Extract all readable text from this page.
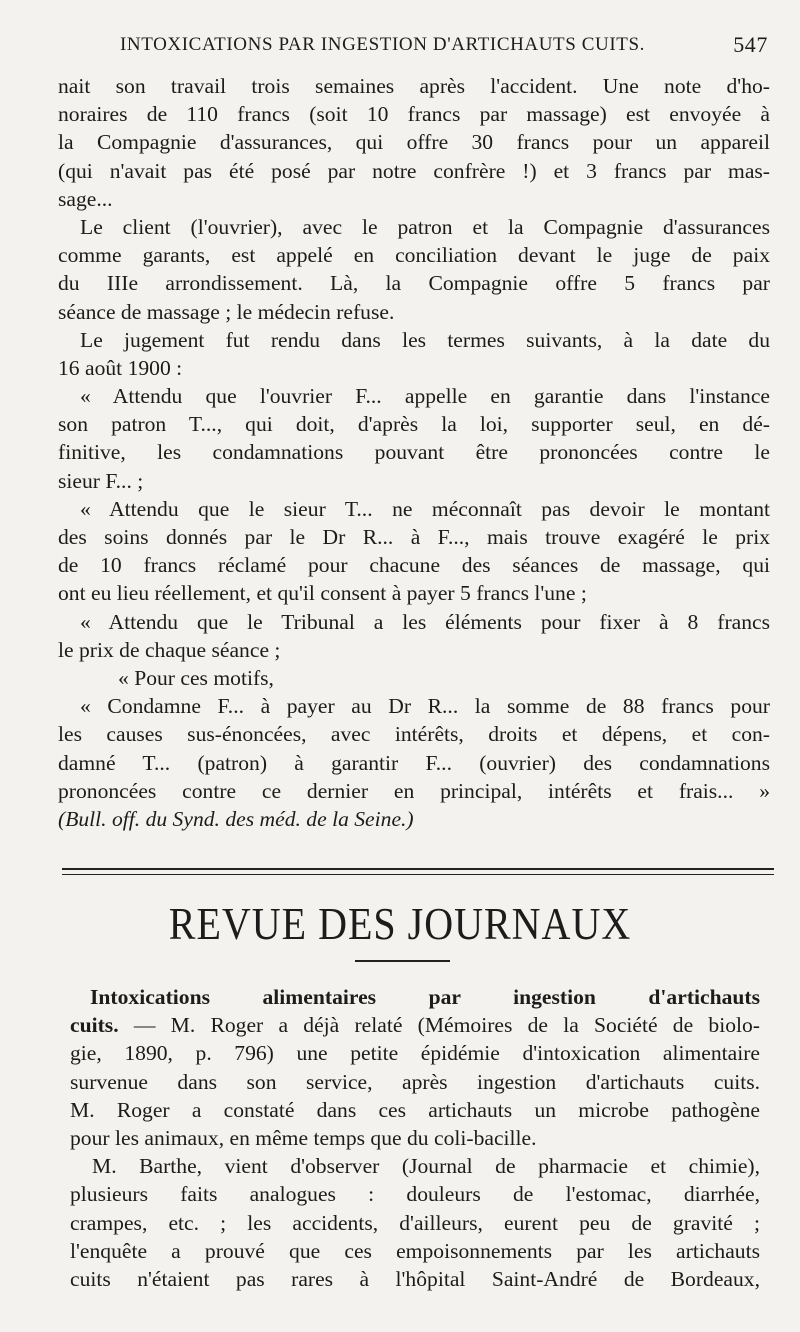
INTOXICATIONS PAR INGESTION D'ARTICHAUTS CUITS.	547
nait son travail trois semaines après l'accident. Une note d'ho-
noraires de 110 francs (soit 10 francs par massage) est envoyée à
la Compagnie d'assurances, qui offre 30 francs pour un appareil
(qui n'avait pas été posé par notre confrère !) et 3 francs par mas-
sage...
Le client (l'ouvrier), avec le patron et la Compagnie d'assurances
comme garants, est appelé en conciliation devant le juge de paix
du IIIe arrondissement. Là, la Compagnie offre 5 francs par
séance de massage ; le médecin refuse.
Le jugement fut rendu dans les termes suivants, à la date du
16 août 1900 :
« Attendu que l'ouvrier F... appelle en garantie dans l'instance
son patron T..., qui doit, d'après la loi, supporter seul, en dé-
finitive, les condamnations pouvant être prononcées contre le
sieur F... ;
« Attendu que le sieur T... ne méconnaît pas devoir le montant
des soins donnés par le Dr R... à F..., mais trouve exagéré le prix
de 10 francs réclamé pour chacune des séances de massage, qui
ont eu lieu réellement, et qu'il consent à payer 5 francs l'une ;
« Attendu que le Tribunal a les éléments pour fixer à 8 francs
le prix de chaque séance ;
« Pour ces motifs,
« Condamne F... à payer au Dr R... la somme de 88 francs pour
les causes sus-énoncées, avec intérêts, droits et dépens, et con-
damné T... (patron) à garantir F... (ouvrier) des condamnations
prononcées contre ce dernier en principal, intérêts et frais... »
(Bull. off. du Synd. des méd. de la Seine.)
REVUE DES JOURNAUX
Intoxications alimentaires par ingestion d'artichauts
cuits. — M. Roger a déjà relaté (Mémoires de la Société de biolo-
gie, 1890, p. 796) une petite épidémie d'intoxication alimentaire
survenue dans son service, après ingestion d'artichauts cuits.
M. Roger a constaté dans ces artichauts un microbe pathogène
pour les animaux, en même temps que du coli-bacille.
M. Barthe, vient d'observer (Journal de pharmacie et chimie),
plusieurs faits analogues : douleurs de l'estomac, diarrhée,
crampes, etc. ; les accidents, d'ailleurs, eurent peu de gravité ;
l'enquête a prouvé que ces empoisonnements par les artichauts
cuits n'étaient pas rares à l'hôpital Saint-André de Bordeaux,
